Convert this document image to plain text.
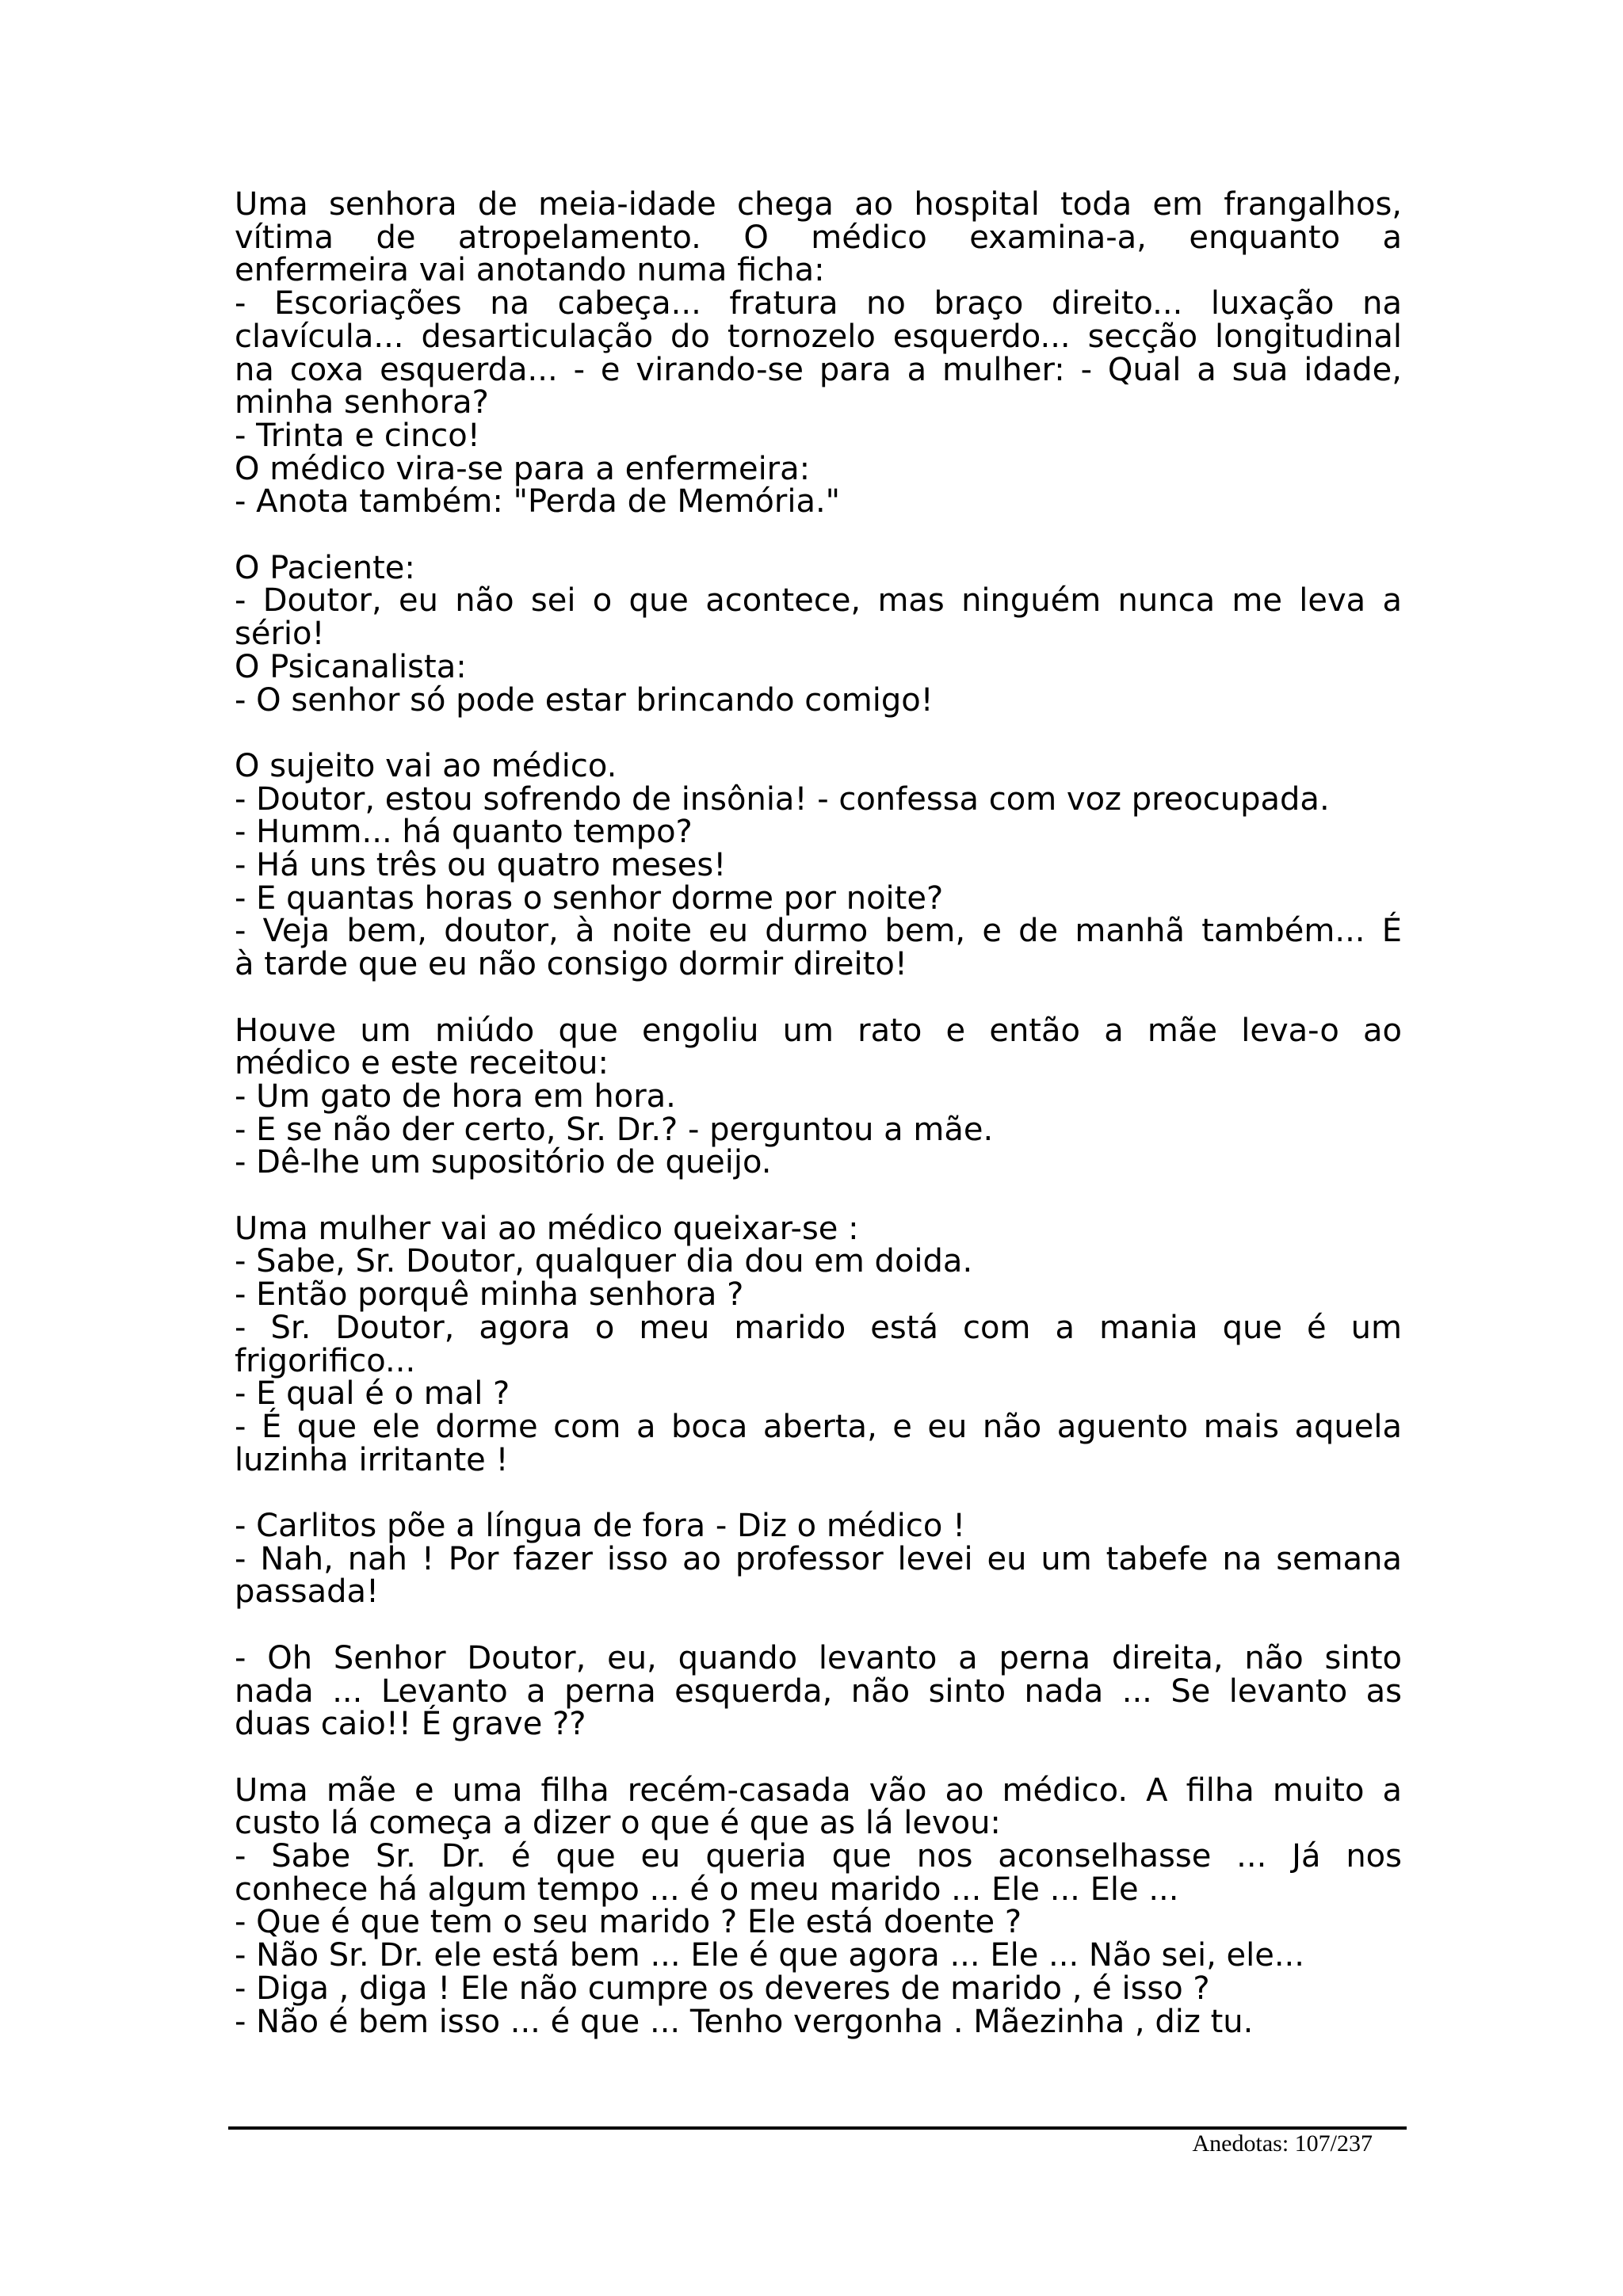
Uma senhora de meia-idade chega ao hospital toda em frangalhos,
vítima de atropelamento. O médico examina-a, enquanto a
enfermeira vai anotando numa ficha:
- Escoriações na cabeça... fratura no braço direito... luxação na
clavícula... desarticulação do tornozelo esquerdo... secção longitudinal
na coxa esquerda... - e virando-se para a mulher: - Qual a sua idade,
minha senhora?
- Trinta e cinco!
O médico vira-se para a enfermeira:
- Anota também: "Perda de Memória."
O Paciente:
- Doutor, eu não sei o que acontece, mas ninguém nunca me leva a
sério!
O Psicanalista:
- O senhor só pode estar brincando comigo!
O sujeito vai ao médico.
- Doutor, estou sofrendo de insônia! - confessa com voz preocupada.
- Humm... há quanto tempo?
- Há uns três ou quatro meses!
- E quantas horas o senhor dorme por noite?
- Veja bem, doutor, à noite eu durmo bem, e de manhã também... É
à tarde que eu não consigo dormir direito!
Houve um miúdo que engoliu um rato e então a mãe leva-o ao
médico e este receitou:
- Um gato de hora em hora.
- E se não der certo, Sr. Dr.? - perguntou a mãe.
- Dê-lhe um supositório de queijo.
Uma mulher vai ao médico queixar-se :
- Sabe, Sr. Doutor, qualquer dia dou em doida.
- Então porquê minha senhora ?
- Sr. Doutor, agora o meu marido está com a mania que é um
frigorifico...
- E qual é o mal ?
- É que ele dorme com a boca aberta, e eu não aguento mais aquela
luzinha irritante !
- Carlitos põe a língua de fora - Diz o médico !
- Nah, nah ! Por fazer isso ao professor levei eu um tabefe na semana
passada!
- Oh Senhor Doutor, eu, quando levanto a perna direita, não sinto
nada ... Levanto a perna esquerda, não sinto nada ... Se levanto as
duas caio!! É grave ??
Uma mãe e uma filha recém-casada vão ao médico. A filha muito a
custo lá começa a dizer o que é que as lá levou:
- Sabe Sr. Dr. é que eu queria que nos aconselhasse ... Já nos
conhece há algum tempo ... é o meu marido ... Ele ... Ele ...
- Que é que tem o seu marido ? Ele está doente ?
- Não Sr. Dr. ele está bem ... Ele é que agora ... Ele ... Não sei, ele...
- Diga , diga ! Ele não cumpre os deveres de marido , é isso ?
- Não é bem isso ... é que ... Tenho vergonha . Mãezinha , diz tu.
Anedotas: 107/237
